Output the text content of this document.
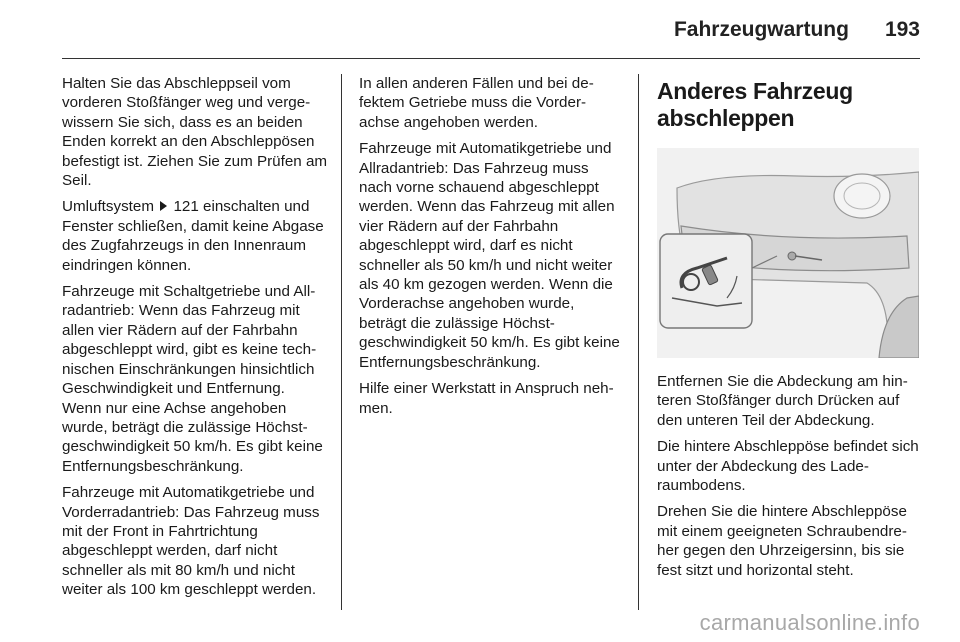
Fahrzeugwartung 193

Halten Sie das Abschleppseil vom vorderen Stoßfänger weg und vergewissern Sie sich, dass es an beiden Enden korrekt an den Abschleppösen befestigt ist. Ziehen Sie zum Prüfen am Seil.

Umluftsystem 121 einschalten und Fenster schließen, damit keine Abgase des Zugfahrzeugs in den Innenraum eindringen können.

Fahrzeuge mit Schaltgetriebe und Allradantrieb: Wenn das Fahrzeug mit allen vier Rädern auf der Fahrbahn abgeschleppt wird, gibt es keine technischen Einschränkungen hinsichtlich Geschwindigkeit und Entfernung. Wenn nur eine Achse angehoben wurde, beträgt die zulässige Höchstgeschwindigkeit 50 km/h. Es gibt keine Entfernungsbeschränkung.

Fahrzeuge mit Automatikgetriebe und Vorderradantrieb: Das Fahrzeug muss mit der Front in Fahrtrichtung abgeschleppt werden, darf nicht schneller als mit 80 km/h und nicht weiter als 100 km geschleppt werden.

In allen anderen Fällen und bei defektem Getriebe muss die Vorderachse angehoben werden.

Fahrzeuge mit Automatikgetriebe und Allradantrieb: Das Fahrzeug muss nach vorne schauend abgeschleppt werden. Wenn das Fahrzeug mit allen vier Rädern auf der Fahrbahn abgeschleppt wird, darf es nicht schneller als 50 km/h und nicht weiter als 40 km gezogen werden. Wenn die Vorderachse angehoben wurde, beträgt die zulässige Höchstgeschwindigkeit 50 km/h. Es gibt keine Entfernungsbeschränkung.

Hilfe einer Werkstatt in Anspruch nehmen.

Anderes Fahrzeug abschleppen

Entfernen Sie die Abdeckung am hinteren Stoßfänger durch Drücken auf den unteren Teil der Abdeckung.

Die hintere Abschleppöse befindet sich unter der Abdeckung des Laderaumbodens.

Drehen Sie die hintere Abschleppöse mit einem geeigneten Schraubendreher gegen den Uhrzeigersinn, bis sie fest sitzt und horizontal steht.

carmanualsonline.info
